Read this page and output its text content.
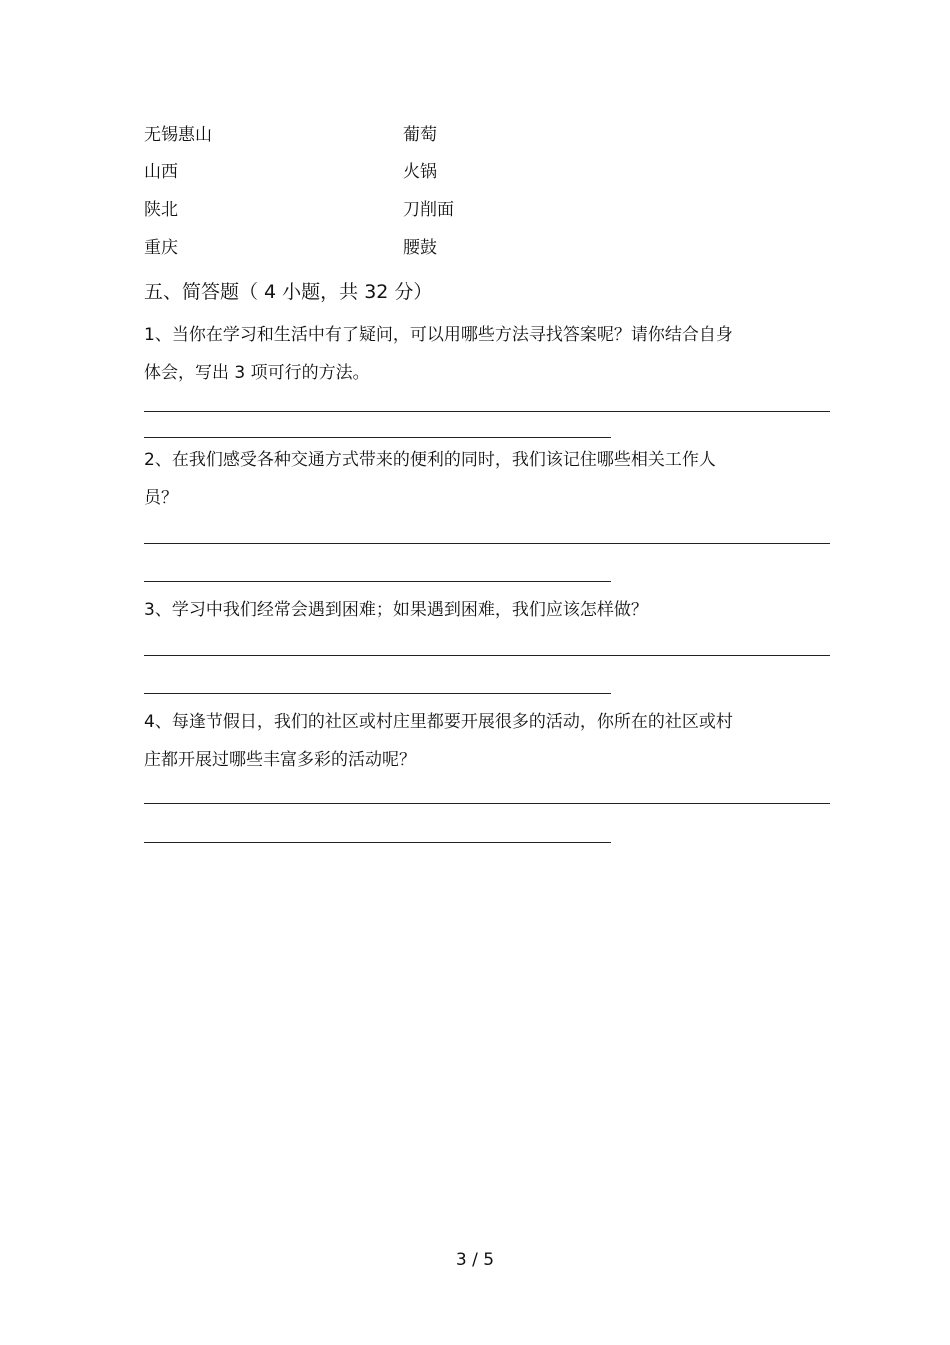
无锡惠山	葡萄
山西	火锅
陕北	刀削面
重庆	腰鼓
五、简答题（ 4 小题，共 32 分）
1、当你在学习和生活中有了疑问，可以用哪些方法寻找答案呢？请你结合自身
体会，写出 3 项可行的方法。
2、在我们感受各种交通方式带来的便利的同时，我们该记住哪些相关工作人
员？
3、学习中我们经常会遇到困难；如果遇到困难，我们应该怎样做？
4、每逢节假日，我们的社区或村庄里都要开展很多的活动，你所在的社区或村
庄都开展过哪些丰富多彩的活动呢？
3 / 5
